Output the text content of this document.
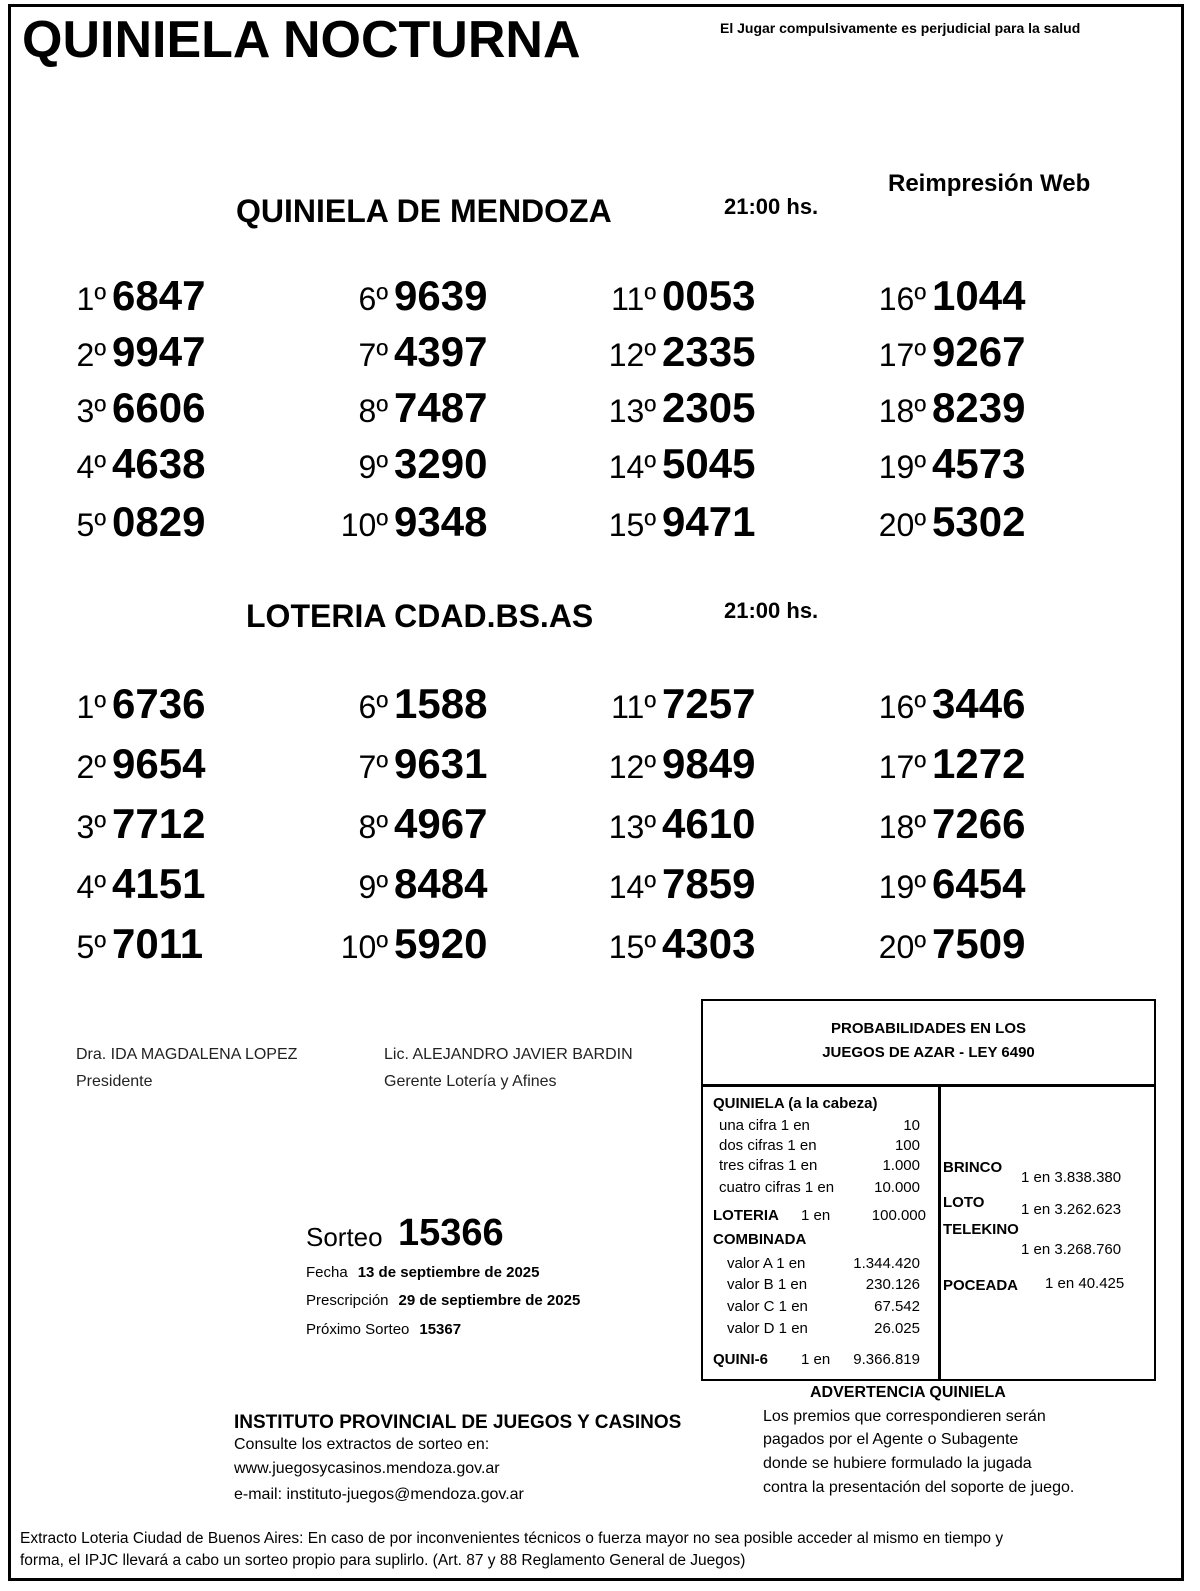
QUINIELA NOCTURNA	El Jugar compulsivamente es perjudicial para la salud
Reimpresión Web
QUINIELA DE MENDOZA	21:00 hs.
1º 6847
2º 9947
3º 6606
4º 4638
5º 0829
6º 9639
7º 4397
8º 7487
9º 3290
10º 9348
11º 0053
12º 2335
13º 2305
14º 5045
15º 9471
16º 1044
17º 9267
18º 8239
19º 4573
20º 5302
LOTERIA CDAD.BS.AS	21:00 hs.
1º 6736
2º 9654
3º 7712
4º 4151
5º 7011
6º 1588
7º 9631
8º 4967
9º 8484
10º 5920
11º 7257
12º 9849
13º 4610
14º 7859
15º 4303
16º 3446
17º 1272
18º 7266
19º 6454
20º 7509
Dra. IDA MAGDALENA LOPEZ
Presidente
Lic. ALEJANDRO JAVIER BARDIN
Gerente Lotería y Afines
PROBABILIDADES EN LOS
JUEGOS DE AZAR - LEY 6490
QUINIELA (a la cabeza)
una cifra 1 en	10
dos cifras 1 en	100
tres cifras 1 en	1.000
cuatro cifras 1 en	10.000
LOTERIA 1 en	100.000
COMBINADA
valor A 1 en	1.344.420
valor B 1 en	230.126
valor C 1 en	67.542
valor D 1 en	26.025
QUINI-6 1 en 9.366.819
BRINCO
1 en 3.838.380
LOTO 1 en 3.262.623
TELEKINO
1 en 3.268.760
POCEADA 1 en 40.425
Sorteo 15366
Fecha 13 de septiembre de 2025
Prescripción 29 de septiembre de 2025
Próximo Sorteo 15367
INSTITUTO PROVINCIAL DE JUEGOS Y CASINOS
Consulte los extractos de sorteo en:
www.juegosycasinos.mendoza.gov.ar
e-mail: instituto-juegos@mendoza.gov.ar
ADVERTENCIA QUINIELA
Los premios que correspondieren serán
pagados por el Agente o Subagente
donde se hubiere formulado la jugada
contra la presentación del soporte de juego.
Extracto Loteria Ciudad de Buenos Aires: En caso de por inconvenientes técnicos o fuerza mayor no sea posible acceder al mismo en tiempo y
forma, el IPJC llevará a cabo un sorteo propio para suplirlo. (Art. 87 y 88 Reglamento General de Juegos)
